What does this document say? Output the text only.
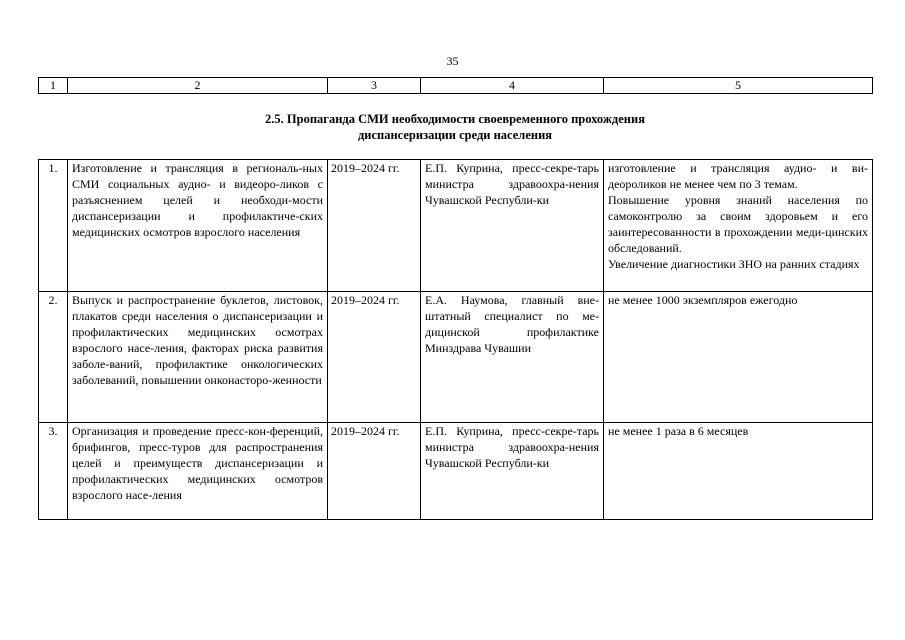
35
1	2	3	4	5
2.5. Пропаганда СМИ необходимости своевременного прохождения
диспансеризации среди населения
1.	Изготовление и трансляция в региональ-ных СМИ социальных аудио- и видеоро-ликов с разъяснением целей и необходи-мости диспансеризации и профилактиче-ских медицинских осмотров взрослого населения	2019–2024 гг.	Е.П. Куприна, пресс-секре-тарь министра здравоохра-нения Чувашской Республи-ки	изготовление и трансляция аудио- и ви-деороликов не менее чем по 3 темам.
Повышение уровня знаний населения по самоконтролю за своим здоровьем и его заинтересованности в прохождении меди-цинских обследований.
Увеличение диагностики ЗНО на ранних стадиях

2.	Выпуск и распространение буклетов, листовок, плакатов среди населения о диспансеризации и профилактических медицинских осмотрах взрослого насе-ления, факторах риска развития заболе-ваний, профилактике онкологических заболеваний, повышении онконасторо-женности	2019–2024 гг.	Е.А. Наумова, главный вне-штатный специалист по ме-дицинской профилактике Минздрава Чувашии	не менее 1000 экземпляров ежегодно
3.	Организация и проведение пресс-кон-ференций, брифингов, пресс-туров для распространения целей и преимуществ диспансеризации и профилактических медицинских осмотров взрослого насе-ления	2019–2024 гг.	Е.П. Куприна, пресс-секре-тарь министра здравоохра-нения Чувашской Республи-ки	не менее 1 раза в 6 месяцев
